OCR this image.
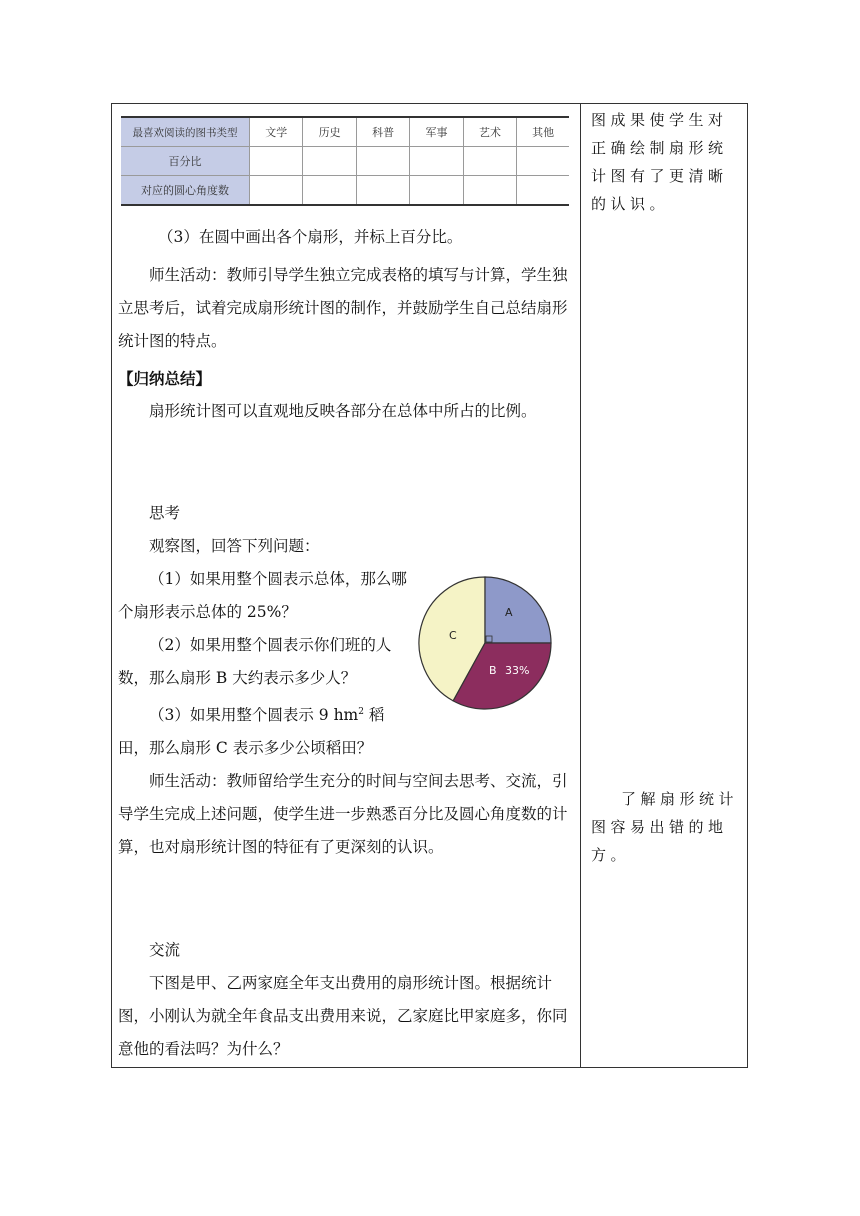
最喜欢阅读的图书类型	文学	历史	科普	军事	艺术	其他
百分比						
对应的圆心角度数						
（3）在圆中画出各个扇形，并标上百分比。
师生活动：教师引导学生独立完成表格的填写与计算，学生独立思考后，试着完成扇形统计图的制作，并鼓励学生自己总结扇形统计图的特点。
【归纳总结】
扇形统计图可以直观地反映各部分在总体中所占的比例。
思考
观察图，回答下列问题：
（1）如果用整个圆表示总体，那么哪个扇形表示总体的 25%？
（2）如果用整个圆表示你们班的人数，那么扇形 B 大约表示多少人？
（3）如果用整个圆表示 9 $hm^2$ 稻田，那么扇形 C 表示多少公顷稻田？
师生活动：教师留给学生充分的时间与空间去思考、交流，引导学生完成上述问题，使学生进一步熟悉百分比及圆心角度数的计算，也对扇形统计图的特征有了更深刻的认识。
交流
下图是甲、乙两家庭全年支出费用的扇形统计图。根据统计图，小刚认为就全年食品支出费用来说，乙家庭比甲家庭多，你同意他的看法吗？为什么？
图成果使学生对正确绘制扇形统计图有了更清晰的认识。
了解扇形统计图容易出错的地方。
A
B 33%
C
